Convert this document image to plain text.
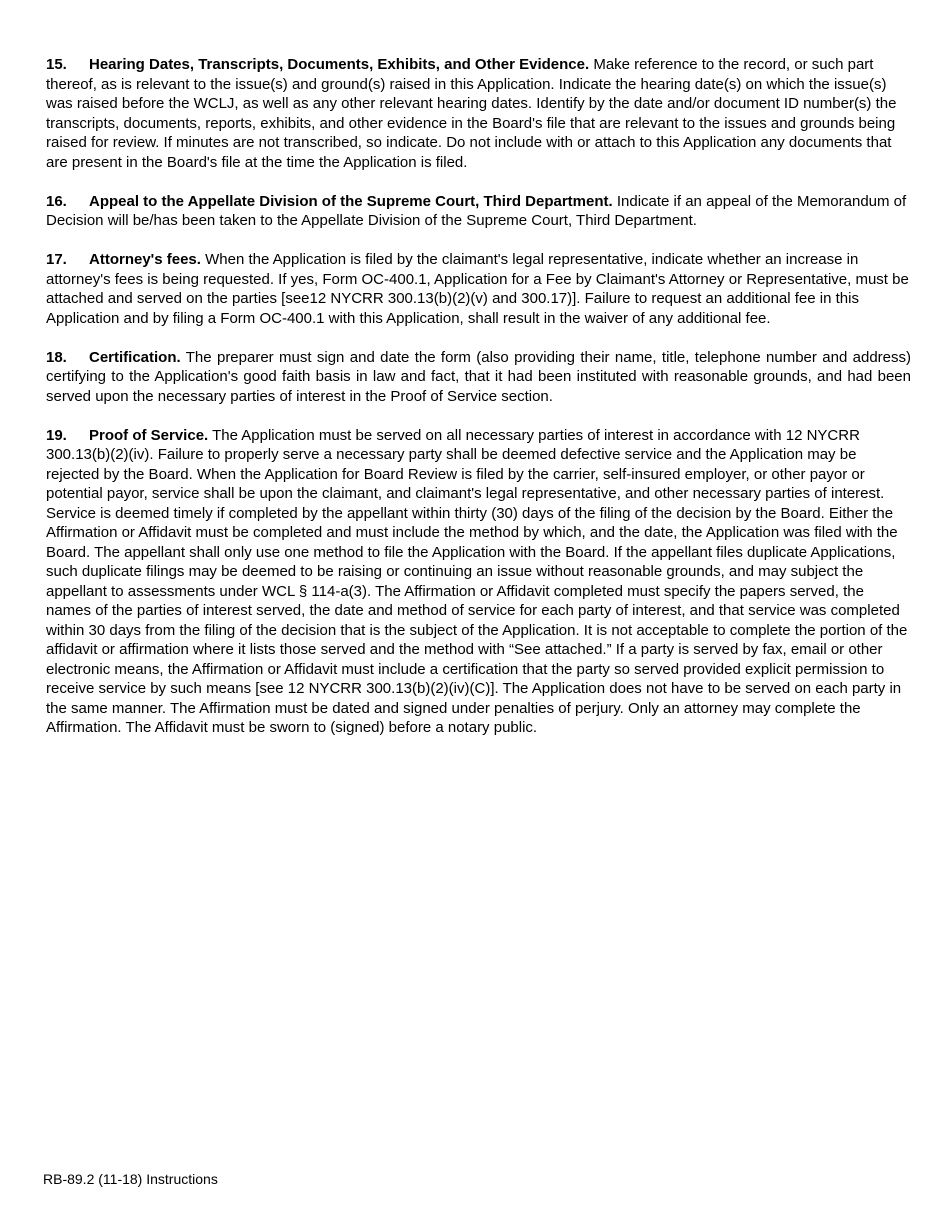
15. Hearing Dates, Transcripts, Documents, Exhibits, and Other Evidence. Make reference to the record, or such part thereof, as is relevant to the issue(s) and ground(s) raised in this Application. Indicate the hearing date(s) on which the issue(s) was raised before the WCLJ, as well as any other relevant hearing dates. Identify by the date and/or document ID number(s) the transcripts, documents, reports, exhibits, and other evidence in the Board's file that are relevant to the issues and grounds being raised for review. If minutes are not transcribed, so indicate. Do not include with or attach to this Application any documents that are present in the Board's file at the time the Application is filed.

16. Appeal to the Appellate Division of the Supreme Court, Third Department. Indicate if an appeal of the Memorandum of Decision will be/has been taken to the Appellate Division of the Supreme Court, Third Department.

17. Attorney's fees. When the Application is filed by the claimant's legal representative, indicate whether an increase in attorney's fees is being requested. If yes, Form OC-400.1, Application for a Fee by Claimant's Attorney or Representative, must be attached and served on the parties [see12 NYCRR 300.13(b)(2)(v) and 300.17)]. Failure to request an additional fee in this Application and by filing a Form OC-400.1 with this Application, shall result in the waiver of any additional fee.

18. Certification. The preparer must sign and date the form (also providing their name, title, telephone number and address) certifying to the Application's good faith basis in law and fact, that it had been instituted with reasonable grounds, and had been served upon the necessary parties of interest in the Proof of Service section.

19. Proof of Service. The Application must be served on all necessary parties of interest in accordance with 12 NYCRR 300.13(b)(2)(iv). Failure to properly serve a necessary party shall be deemed defective service and the Application may be rejected by the Board. When the Application for Board Review is filed by the carrier, self-insured employer, or other payor or potential payor, service shall be upon the claimant, and claimant's legal representative, and other necessary parties of interest. Service is deemed timely if completed by the appellant within thirty (30) days of the filing of the decision by the Board. Either the Affirmation or Affidavit must be completed and must include the method by which, and the date, the Application was filed with the Board. The appellant shall only use one method to file the Application with the Board. If the appellant files duplicate Applications, such duplicate filings may be deemed to be raising or continuing an issue without reasonable grounds, and may subject the appellant to assessments under WCL § 114-a(3). The Affirmation or Affidavit completed must specify the papers served, the names of the parties of interest served, the date and method of service for each party of interest, and that service was completed within 30 days from the filing of the decision that is the subject of the Application. It is not acceptable to complete the portion of the affidavit or affirmation where it lists those served and the method with “See attached.” If a party is served by fax, email or other electronic means, the Affirmation or Affidavit must include a certification that the party so served provided explicit permission to receive service by such means [see 12 NYCRR 300.13(b)(2)(iv)(C)]. The Application does not have to be served on each party in the same manner. The Affirmation must be dated and signed under penalties of perjury. Only an attorney may complete the Affirmation. The Affidavit must be sworn to (signed) before a notary public.

RB-89.2 (11-18) Instructions
